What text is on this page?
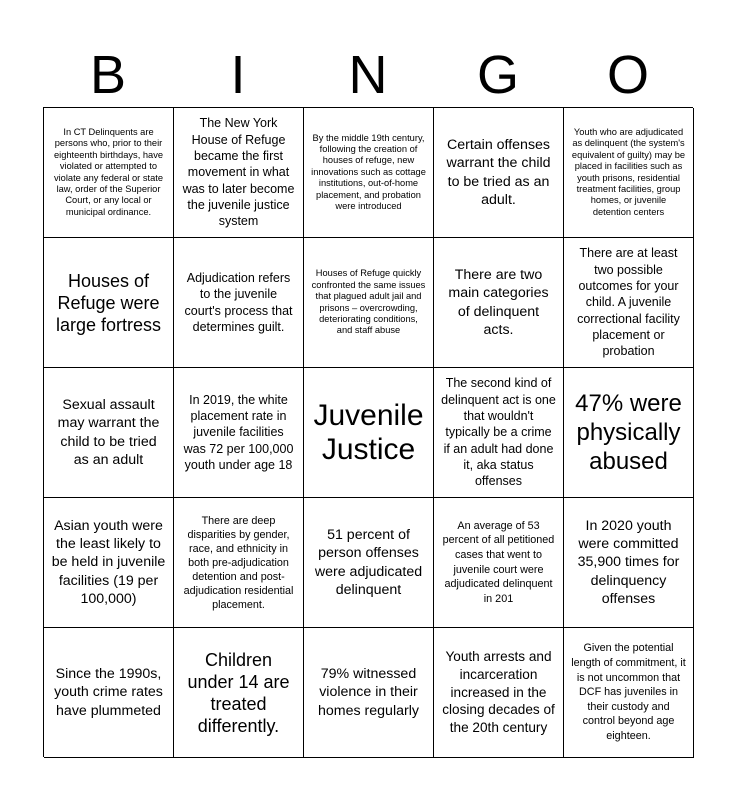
B	I	N	G	O
In CT Delinquents are persons who, prior to their eighteenth birthdays, have violated or attempted to violate any federal or state law, order of the Superior Court, or any local or municipal ordinance.
The New York House of Refuge became the first movement in what was to later become the juvenile justice system
By the middle 19th century, following the creation of houses of refuge, new innovations such as cottage institutions, out-of-home placement, and probation were introduced
Certain offenses warrant the child to be tried as an adult.
Youth who are adjudicated as delinquent (the system's equivalent of guilty) may be placed in facilities such as youth prisons, residential treatment facilities, group homes, or juvenile detention centers
Houses of Refuge were large fortress
Adjudication refers to the juvenile court's process that determines guilt.
Houses of Refuge quickly confronted the same issues that plagued adult jail and prisons – overcrowding, deteriorating conditions, and staff abuse
There are two main categories of delinquent acts.
There are at least two possible outcomes for your child. A juvenile correctional facility placement or probation
Sexual assault may warrant the child to be tried as an adult
In 2019, the white placement rate in juvenile facilities was 72 per 100,000 youth under age 18
Juvenile Justice
The second kind of delinquent act is one that wouldn't typically be a crime if an adult had done it, aka status offenses
47% were physically abused
Asian youth were the least likely to be held in juvenile facilities (19 per 100,000)
There are deep disparities by gender, race, and ethnicity in both pre-adjudication detention and post-adjudication residential placement.
51 percent of person offenses were adjudicated delinquent
An average of 53 percent of all petitioned cases that went to juvenile court were adjudicated delinquent in 201
In 2020 youth were committed 35,900 times for delinquency offenses
Since the 1990s, youth crime rates have plummeted
Children under 14 are treated differently.
79% witnessed violence in their homes regularly
Youth arrests and incarceration increased in the closing decades of the 20th century
Given the potential length of commitment, it is not uncommon that DCF has juveniles in their custody and control beyond age eighteen.
